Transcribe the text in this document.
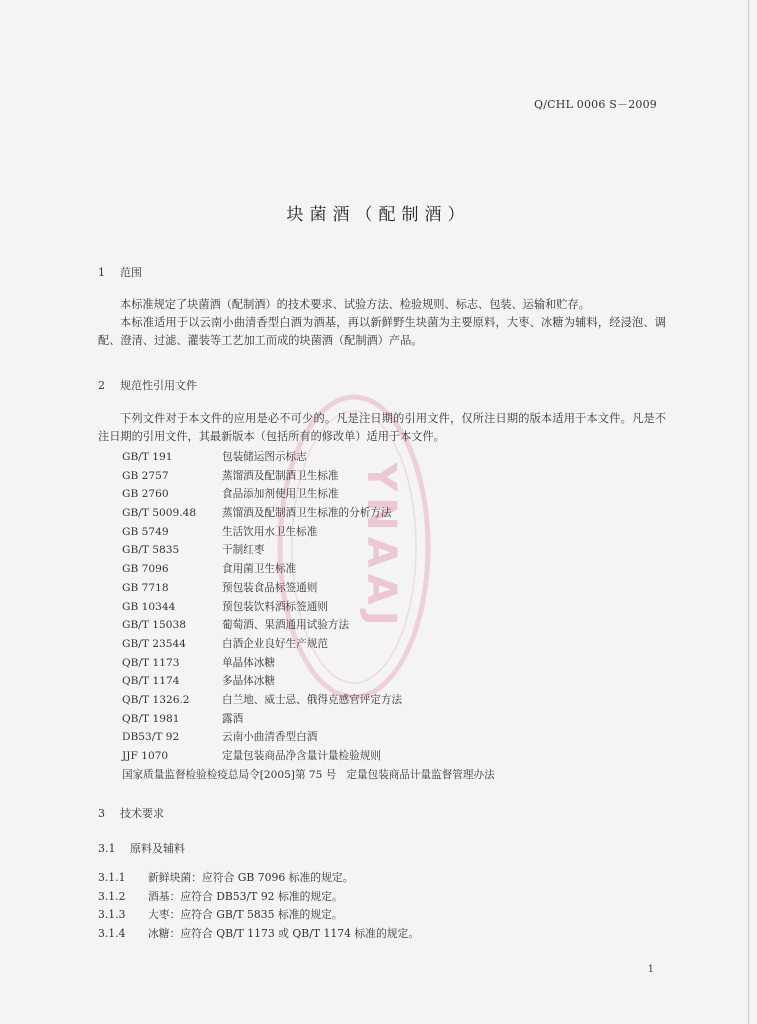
YNAAJ
Q/CHL 0006 S－2009
块菌酒（配制酒）
1 范围

本标准规定了块菌酒（配制酒）的技术要求、试验方法、检验规则、标志、包装、运输和贮存。

本标准适用于以云南小曲清香型白酒为酒基，再以新鲜野生块菌为主要原料，大枣、冰糖为辅料，经浸泡、调配、澄清、过滤、灌装等工艺加工而成的块菌酒（配制酒）产品。

2 规范性引用文件

下列文件对于本文件的应用是必不可少的。凡是注日期的引用文件，仅所注日期的版本适用于本文件。凡是不注日期的引用文件，其最新版本（包括所有的修改单）适用于本文件。

GB/T 191	包装储运图示标志
GB 2757	蒸馏酒及配制酒卫生标准
GB 2760	食品添加剂使用卫生标准
GB/T 5009.48 蒸馏酒及配制酒卫生标准的分析方法
GB 5749	生活饮用水卫生标准
GB/T 5835	干制红枣
GB 7096	食用菌卫生标准
GB 7718	预包装食品标签通则
GB 10344	预包装饮料酒标签通则
GB/T 15038	葡萄酒、果酒通用试验方法
GB/T 23544	白酒企业良好生产规范
QB/T 1173	单晶体冰糖
QB/T 1174	多晶体冰糖
QB/T 1326.2	白兰地、威士忌、俄得克感官评定方法
QB/T 1981	露酒
DB53/T 92	云南小曲清香型白酒
JJF 1070	定量包装商品净含量计量检验规则
国家质量监督检验检疫总局令[2005]第 75 号 定量包装商品计量监督管理办法
3 技术要求
3.1 原料及辅料
3.1.1 新鲜块菌：应符合 GB 7096 标准的规定。
3.1.2 酒基：应符合 DB53/T 92 标准的规定。
3.1.3 大枣：应符合 GB/T 5835 标准的规定。
3.1.4 冰糖：应符合 QB/T 1173 或 QB/T 1174 标准的规定。
1
